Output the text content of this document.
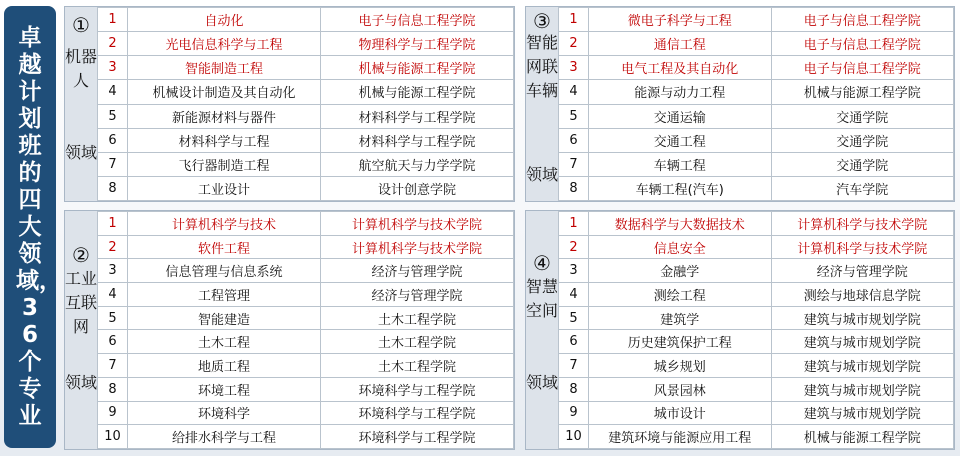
卓越计划班的四大领域，36个专业
①
机器人
领域
1	自动化	电子与信息工程学院
2	光电信息科学与工程	物理科学与工程学院
3	智能制造工程	机械与能源工程学院
4	机械设计制造及其自动化	机械与能源工程学院
5	新能源材料与器件	材料科学与工程学院
6	材料科学与工程	材料科学与工程学院
7	飞行器制造工程	航空航天与力学学院
8	工业设计	设计创意学院
②
工业互联网
领域
1	计算机科学与技术	计算机科学与技术学院
2	软件工程	计算机科学与技术学院
3	信息管理与信息系统	经济与管理学院
4	工程管理	经济与管理学院
5	智能建造	土木工程学院
6	土木工程	土木工程学院
7	地质工程	土木工程学院
8	环境工程	环境科学与工程学院
9	环境科学	环境科学与工程学院
10	给排水科学与工程	环境科学与工程学院
③
智能网联车辆
领域
1	微电子科学与工程	电子与信息工程学院
2	通信工程	电子与信息工程学院
3	电气工程及其自动化	电子与信息工程学院
4	能源与动力工程	机械与能源工程学院
5	交通运输	交通学院
6	交通工程	交通学院
7	车辆工程	交通学院
8	车辆工程(汽车)	汽车学院
④
智慧空间
领域
1	数据科学与大数据技术	计算机科学与技术学院
2	信息安全	计算机科学与技术学院
3	金融学	经济与管理学院
4	测绘工程	测绘与地球信息学院
5	建筑学	建筑与城市规划学院
6	历史建筑保护工程	建筑与城市规划学院
7	城乡规划	建筑与城市规划学院
8	风景园林	建筑与城市规划学院
9	城市设计	建筑与城市规划学院
10	建筑环境与能源应用工程	机械与能源工程学院
